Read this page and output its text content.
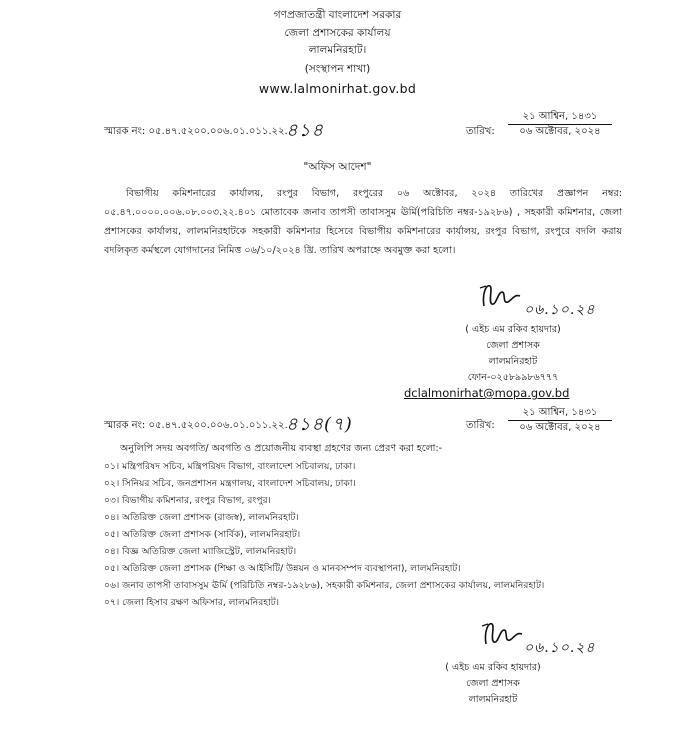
গণপ্রজাতন্ত্রী বাংলাদেশ সরকার
জেলা প্রশাসকের কার্যালয়
লালমনিরহাট।
(সংস্থাপন শাখা)
www.lalmonirhat.gov.bd
স্মারক নং: ০৫.৪৭.৫২০০.০০৬.০১.০১১.২২.
৪১৪	তারিখ:
২১ আশ্বিন, ১৪৩১
০৬ অক্টোবর, ২০২৪
"অফিস আদেশ"
বিভাগীয় কমিশনারের কার্যালয়, রংপুর বিভাগ, রংপুরের ০৬ অক্টোবর, ২০২৪ তারিখের প্রজ্ঞাপন নম্বর: ০৫.৪৭.০০০০.০০৬.০৮.০০৩.২২.৪০১ মোতাবেক জনাব তাপসী তাবাসসুম ঊর্মি(পরিচিতি নম্বর-১৯২৮৬) , সহকারী কমিশনার, জেলা প্রশাসকের কার্যালয়, লালমনিরহাটকে সহকারী কমিশনার হিসেবে বিভাগীয় কমিশনারের কার্যালয়, রংপুর বিভাগ, রংপুরে বদলি করায় বদলিকৃত কর্মস্থলে যোগদানের নিমিত্ত ০৬/১০/২০২৪ খ্রি. তারিখ অপরাহ্নে অবমুক্ত করা হলো।
০৬.১০.২৪
( এইচ এম রকিব হায়দার)
জেলা প্রশাসক
লালমনিরহাট
ফোন-০২৫৮৯৯৮৬৭৭৭
dclalmonirhat@mopa.gov.bd
স্মারক নং: ০৫.৪৭.৫২০০.০০৬.০১.০১১.২২.
৪১৪(৭)	তারিখ:
২১ আশ্বিন, ১৪৩১
০৬ অক্টোবর, ২০২৪
অনুলিপি সদয় অবগতি/ অবগতি ও প্রয়োজনীয় ব্যবস্থা গ্রহণের জন্য প্রেরণ করা হলো:-
০১। মন্ত্রিপরিষদ সচিব, মন্ত্রিপরিষদ বিভাগ, বাংলাদেশ সচিবালয়, ঢাকা।
০২। সিনিয়র সচিব, জনপ্রশাসন মন্ত্রণালয়, বাংলাদেশ সচিবালয়, ঢাকা।
০৩। বিভাগীয় কমিশনার, রংপুর বিভাগ, রংপুর।
০৪। অতিরিক্ত জেলা প্রশাসক (রাজস্ব), লালমনিরহাট।
০৫। অতিরিক্ত জেলা প্রশাসক (সার্বিক), লালমনিরহাট।
০৪। বিজ্ঞ অতিরিক্ত জেলা ম্যাজিস্ট্রেট, লালমনিরহাট।
০৫। অতিরিক্ত জেলা প্রশাসক (শিক্ষা ও আইসিটি/ উন্নয়ন ও মানবসম্পদ ব্যবস্থাপনা), লালমনিরহাট।
০৬। জনাব তাপসী তাবাসসুম ঊর্মি (পরিচিতি নম্বর-১৯২৮৬), সহকারী কমিশনার, জেলা প্রশাসকের কার্যালয়, লালমনিরহাট।
০৭। জেলা হিসাব রক্ষণ অফিসার, লালমনিরহাট।
০৬.১০.২৪
( এইচ এম রকিব হায়দার)
জেলা প্রশাসক
লালমনিরহাট
